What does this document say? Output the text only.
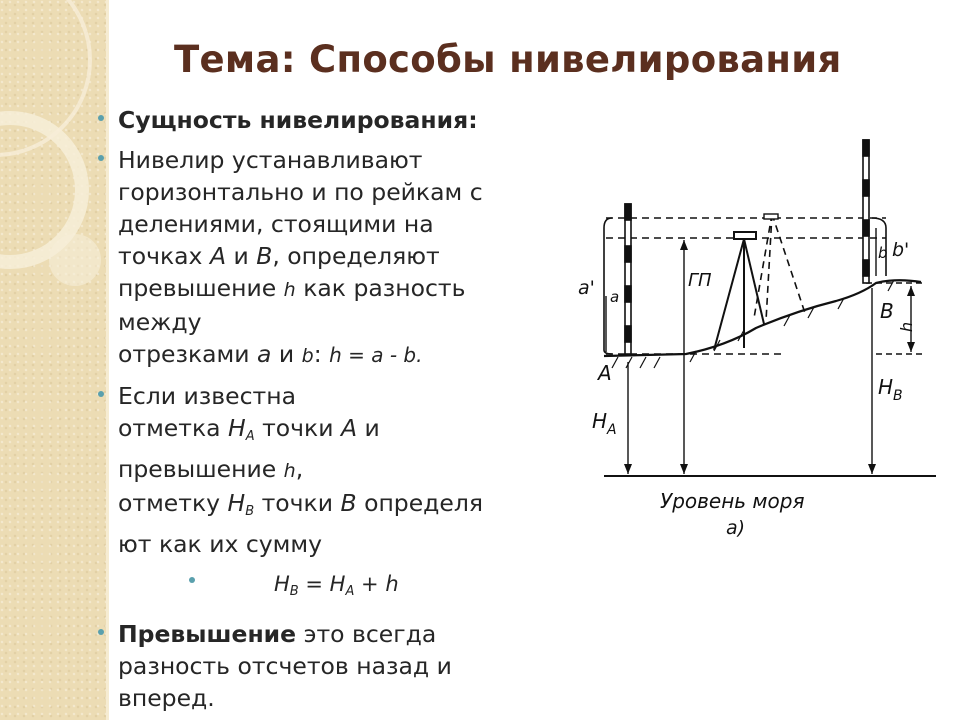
Тема: Способы нивелирования
Сущность нивелирования:
Нивелир устанавливают
горизонтально и по рейкам с
делениями, стоящими на
точках А и В, определяют
превышение h как разность
между
отрезками а и b: h = а - b.
Если известна
отметка $Н_А$ точки А и
превышение h,
отметку $Н_В$ точки В определя
ют как их сумму
$Н_В = Н_А + h$
Превышение это всегда
разность отсчетов назад и
вперед.
a' a
b b'
ГП
А
В
h
$Н_А$
$Н_В$
Уровень моря
а)
